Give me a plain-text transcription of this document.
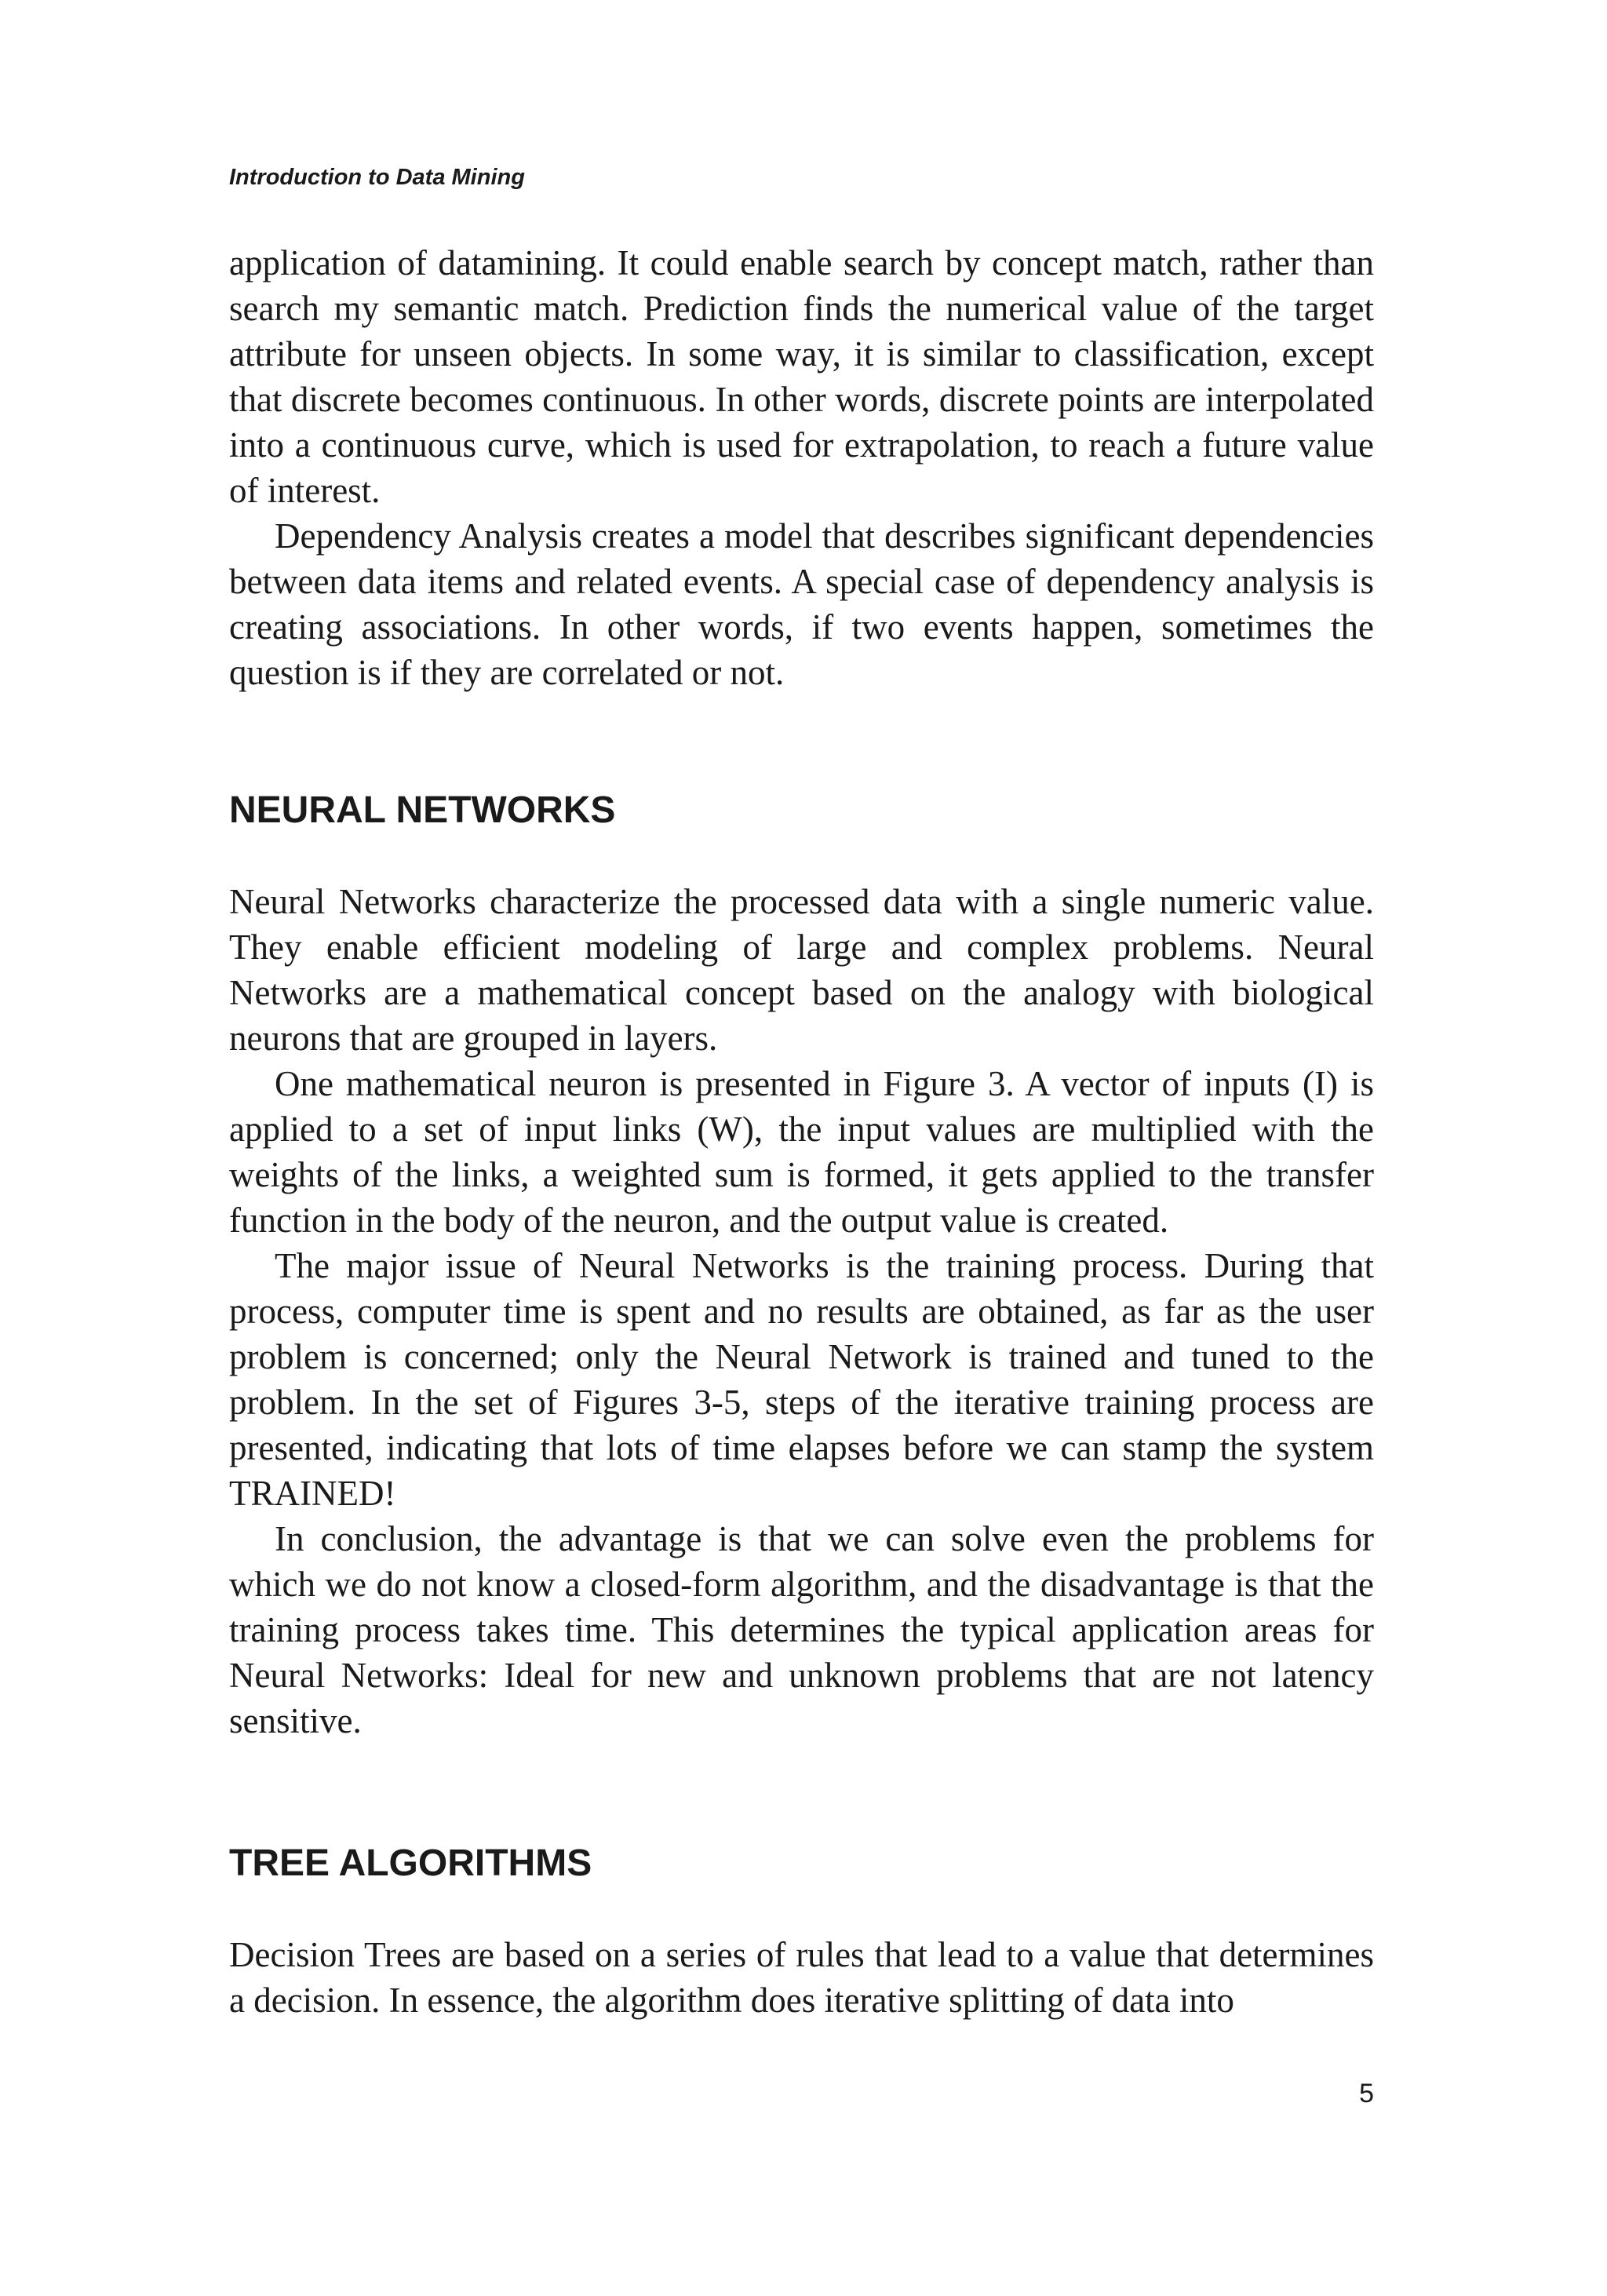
Introduction to Data Mining

application of datamining. It could enable search by concept match, rather than search my semantic match. Prediction finds the numerical value of the target attribute for unseen objects. In some way, it is similar to classification, except that discrete becomes continuous. In other words, discrete points are interpolated into a continuous curve, which is used for extrapolation, to reach a future value of interest.

Dependency Analysis creates a model that describes significant dependencies between data items and related events. A special case of dependency analysis is creating associations. In other words, if two events happen, sometimes the question is if they are correlated or not.

NEURAL NETWORKS

Neural Networks characterize the processed data with a single numeric value. They enable efficient modeling of large and complex problems. Neural Networks are a mathematical concept based on the analogy with biological neurons that are grouped in layers.

One mathematical neuron is presented in Figure 3. A vector of inputs (I) is applied to a set of input links (W), the input values are multiplied with the weights of the links, a weighted sum is formed, it gets applied to the transfer function in the body of the neuron, and the output value is created.

The major issue of Neural Networks is the training process. During that process, computer time is spent and no results are obtained, as far as the user problem is concerned; only the Neural Network is trained and tuned to the problem. In the set of Figures 3-5, steps of the iterative training process are presented, indicating that lots of time elapses before we can stamp the system TRAINED!

In conclusion, the advantage is that we can solve even the problems for which we do not know a closed-form algorithm, and the disadvantage is that the training process takes time. This determines the typical application areas for Neural Networks: Ideal for new and unknown problems that are not latency sensitive.

TREE ALGORITHMS

Decision Trees are based on a series of rules that lead to a value that determines a decision. In essence, the algorithm does iterative splitting of data into

5
